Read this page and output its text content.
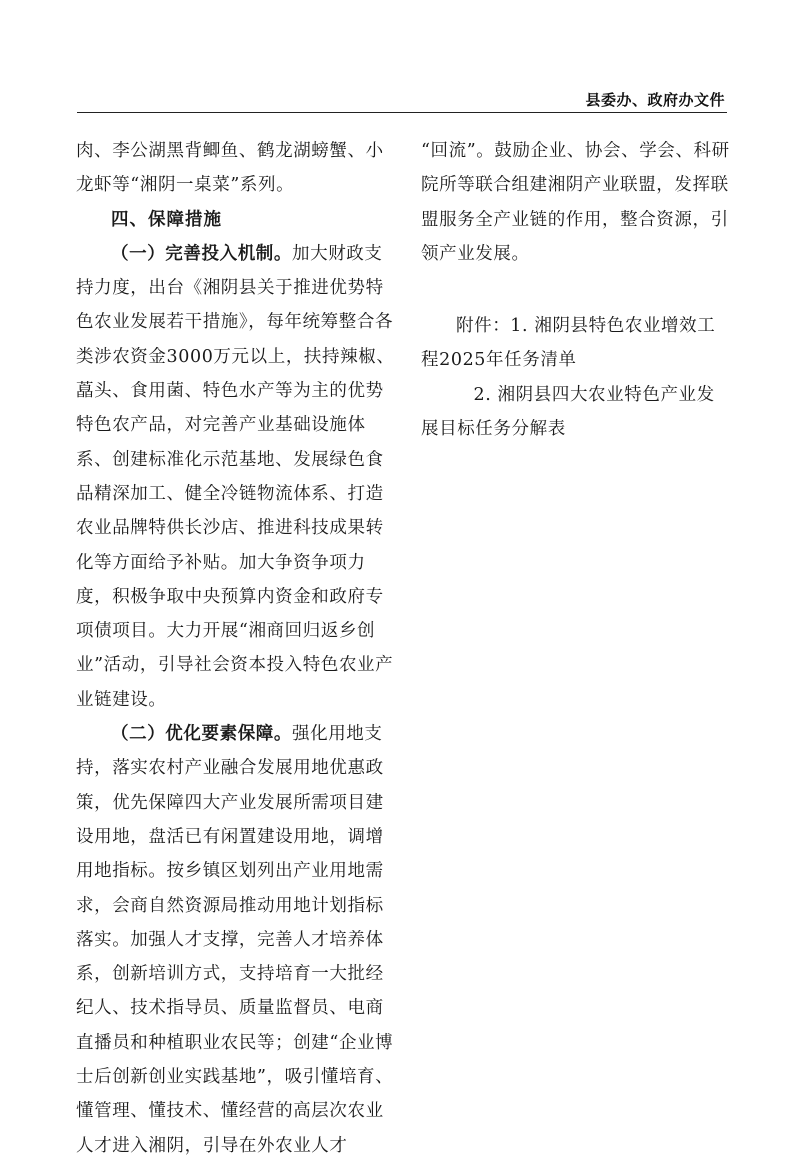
县委办、政府办文件

肉、李公湖黑背鲫鱼、鹤龙湖螃蟹、小龙虾等“湘阴一桌菜”系列。

四、保障措施

（一）完善投入机制。加大财政支持力度，出台《湘阴县关于推进优势特色农业发展若干措施》，每年统筹整合各类涉农资金3000万元以上，扶持辣椒、藠头、食用菌、特色水产等为主的优势特色农产品，对完善产业基础设施体系、创建标准化示范基地、发展绿色食品精深加工、健全冷链物流体系、打造农业品牌特供长沙店、推进科技成果转化等方面给予补贴。加大争资争项力度，积极争取中央预算内资金和政府专项债项目。大力开展“湘商回归返乡创业”活动，引导社会资本投入特色农业产业链建设。

（二）优化要素保障。强化用地支持，落实农村产业融合发展用地优惠政策，优先保障四大产业发展所需项目建设用地，盘活已有闲置建设用地，调增用地指标。按乡镇区划列出产业用地需求，会商自然资源局推动用地计划指标落实。加强人才支撑，完善人才培养体系，创新培训方式，支持培育一大批经纪人、技术指导员、质量监督员、电商直播员和种植职业农民等；创建“企业博士后创新创业实践基地”，吸引懂培育、懂管理、懂技术、懂经营的高层次农业人才进入湘阴，引导在外农业人才

“回流”。鼓励企业、协会、学会、科研院所等联合组建湘阴产业联盟，发挥联盟服务全产业链的作用，整合资源，引领产业发展。

附件：1. 湘阴县特色农业增效工程2025年任务清单

2. 湘阴县四大农业特色产业发展目标任务分解表
